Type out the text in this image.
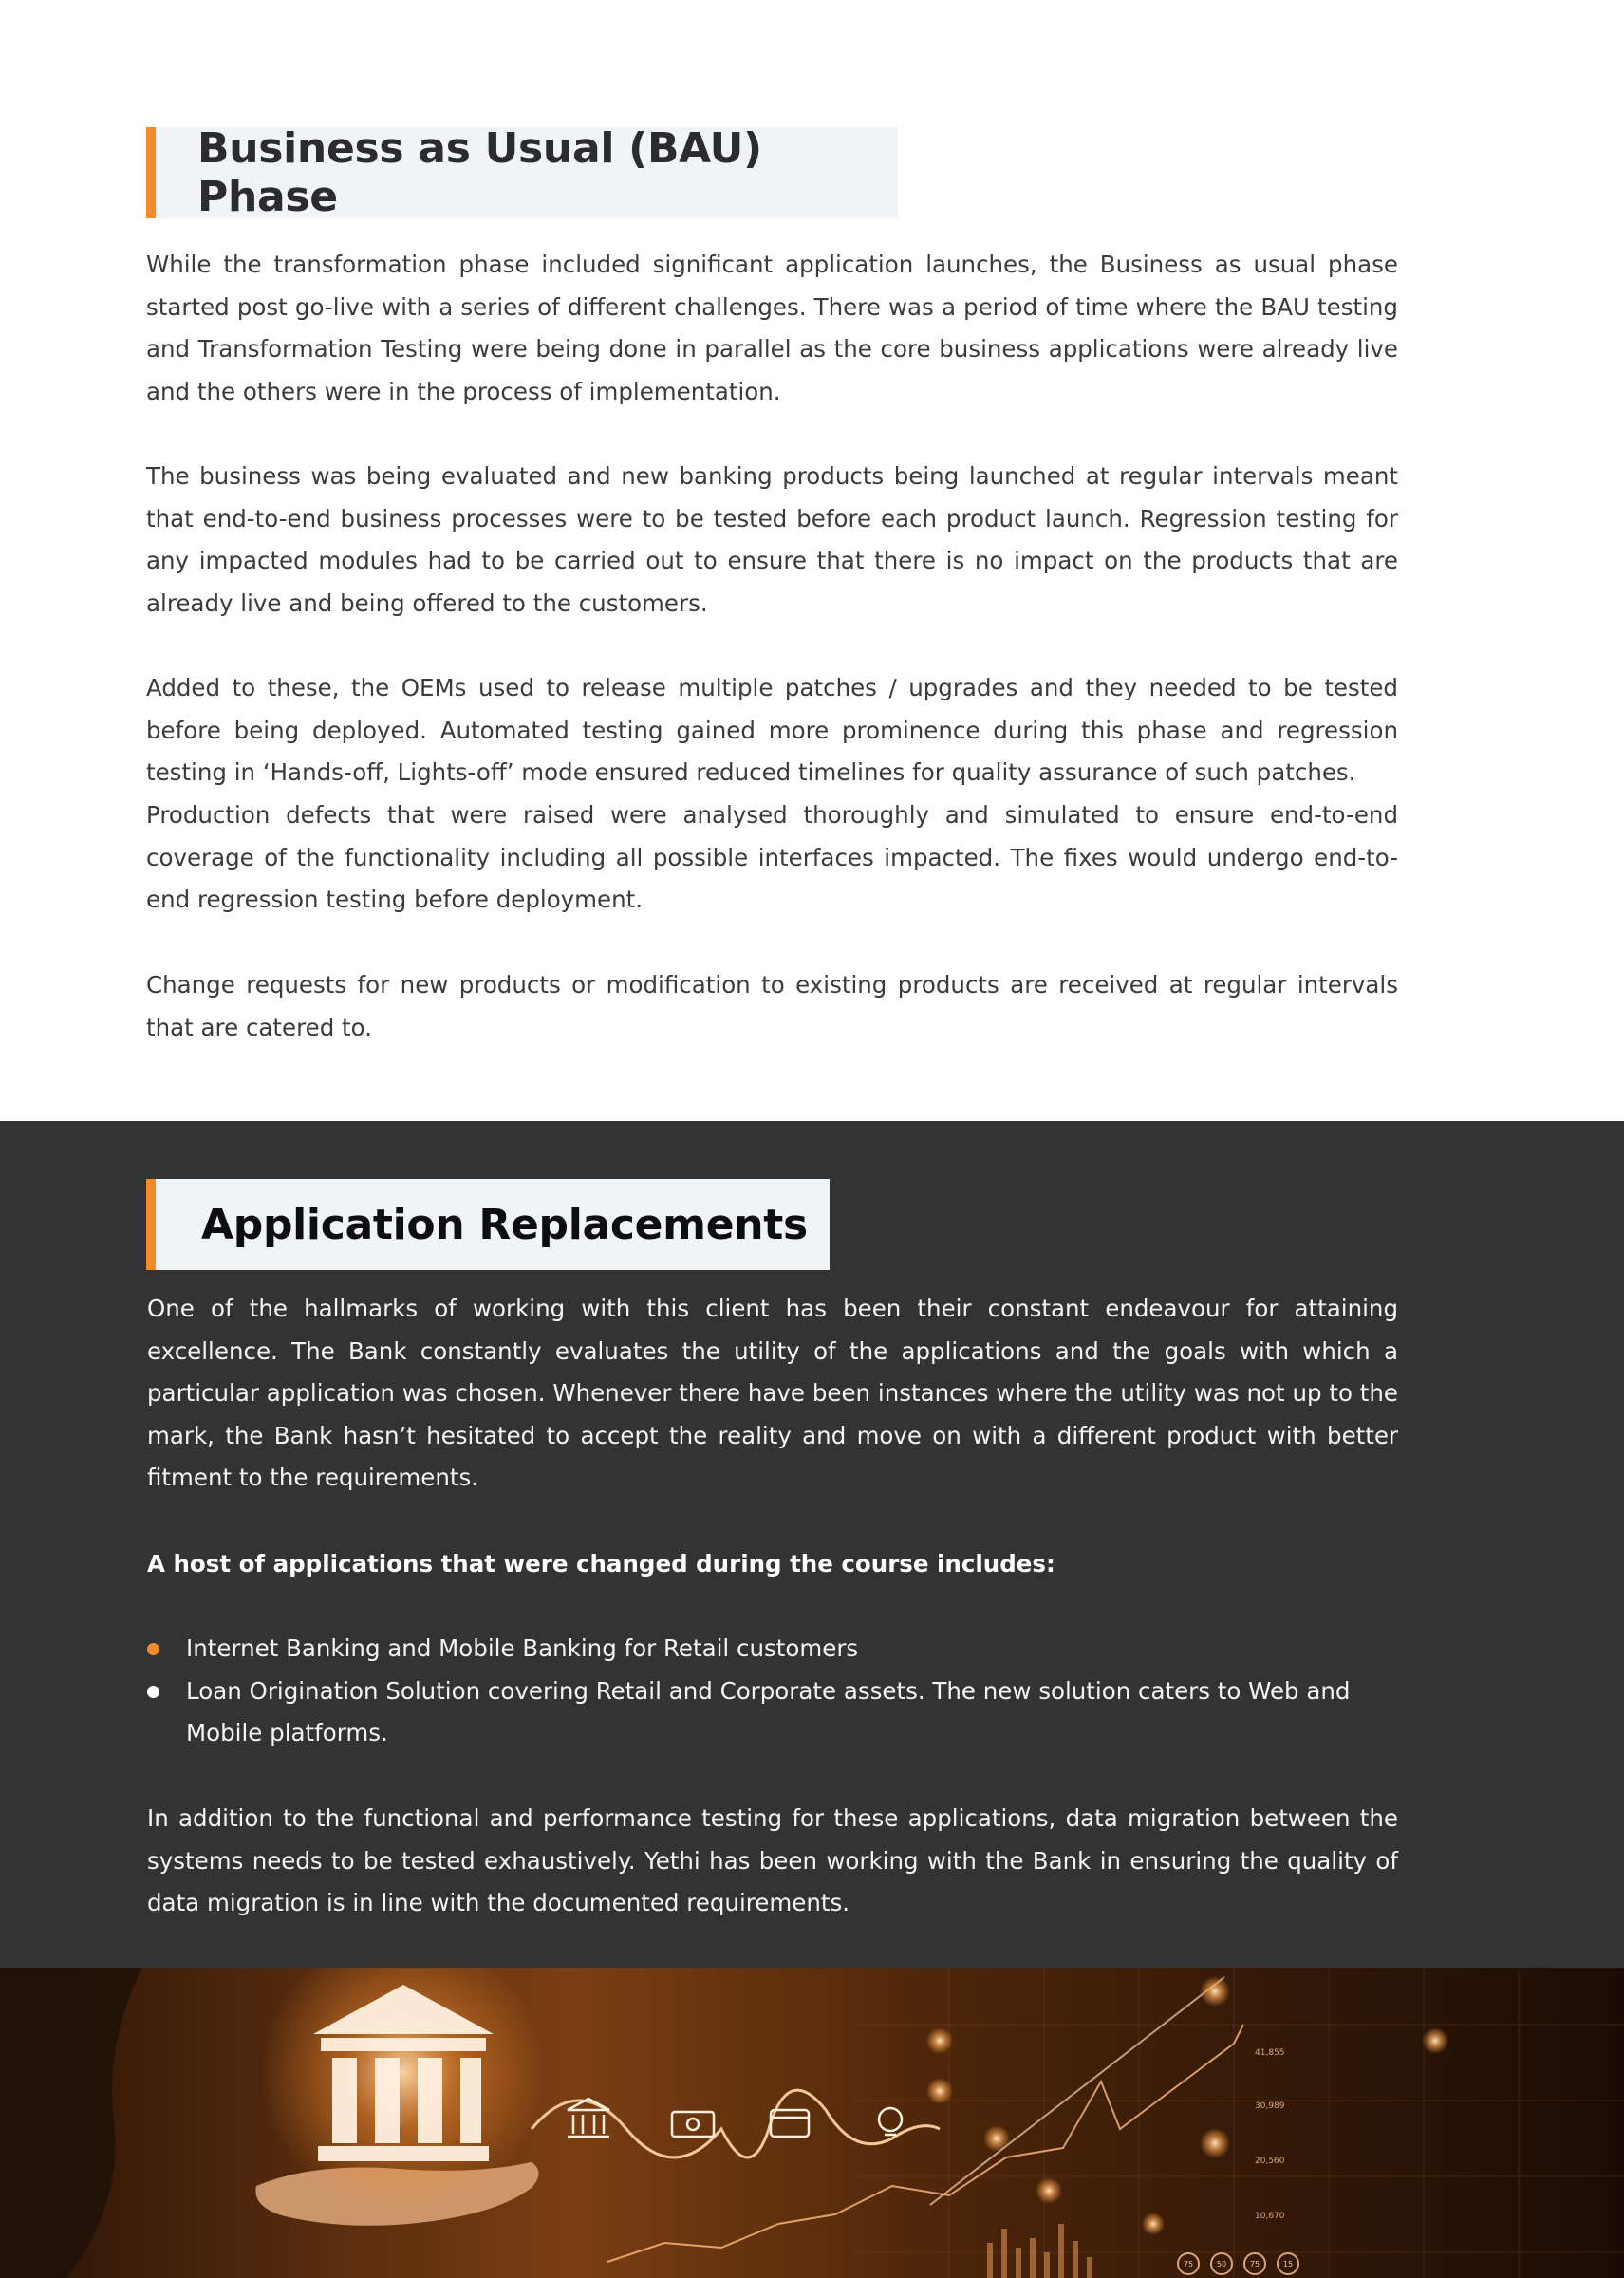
Business as Usual (BAU) Phase

While the transformation phase included significant application launches, the Business as usual phase started post go-live with a series of different challenges. There was a period of time where the BAU testing and Transformation Testing were being done in parallel as the core business applications were already live and the others were in the process of implementation.

The business was being evaluated and new banking products being launched at regular intervals meant that end-to-end business processes were to be tested before each product launch. Regression testing for any impacted modules had to be carried out to ensure that there is no impact on the products that are already live and being offered to the customers.

Added to these, the OEMs used to release multiple patches / upgrades and they needed to be tested before being deployed. Automated testing gained more prominence during this phase and regression testing in ‘Hands-off, Lights-off’ mode ensured reduced timelines for quality assurance of such patches.

Production defects that were raised were analysed thoroughly and simulated to ensure end-to-end coverage of the functionality including all possible interfaces impacted. The fixes would undergo end-to-end regression testing before deployment.

Change requests for new products or modification to existing products are received at regular intervals that are catered to.

Application Replacements

One of the hallmarks of working with this client has been their constant endeavour for attaining excellence. The Bank constantly evaluates the utility of the applications and the goals with which a particular application was chosen. Whenever there have been instances where the utility was not up to the mark, the Bank hasn’t hesitated to accept the reality and move on with a different product with better fitment to the requirements.

A host of applications that were changed during the course includes:

Internet Banking and Mobile Banking for Retail customers
Loan Origination Solution covering Retail and Corporate assets. The new solution caters to Web and Mobile platforms.

In addition to the functional and performance testing for these applications, data migration between the systems needs to be tested exhaustively. Yethi has been working with the Bank in ensuring the quality of data migration is in line with the documented requirements.

41,855
30,989
20,560
10,670
75	50	75	15
